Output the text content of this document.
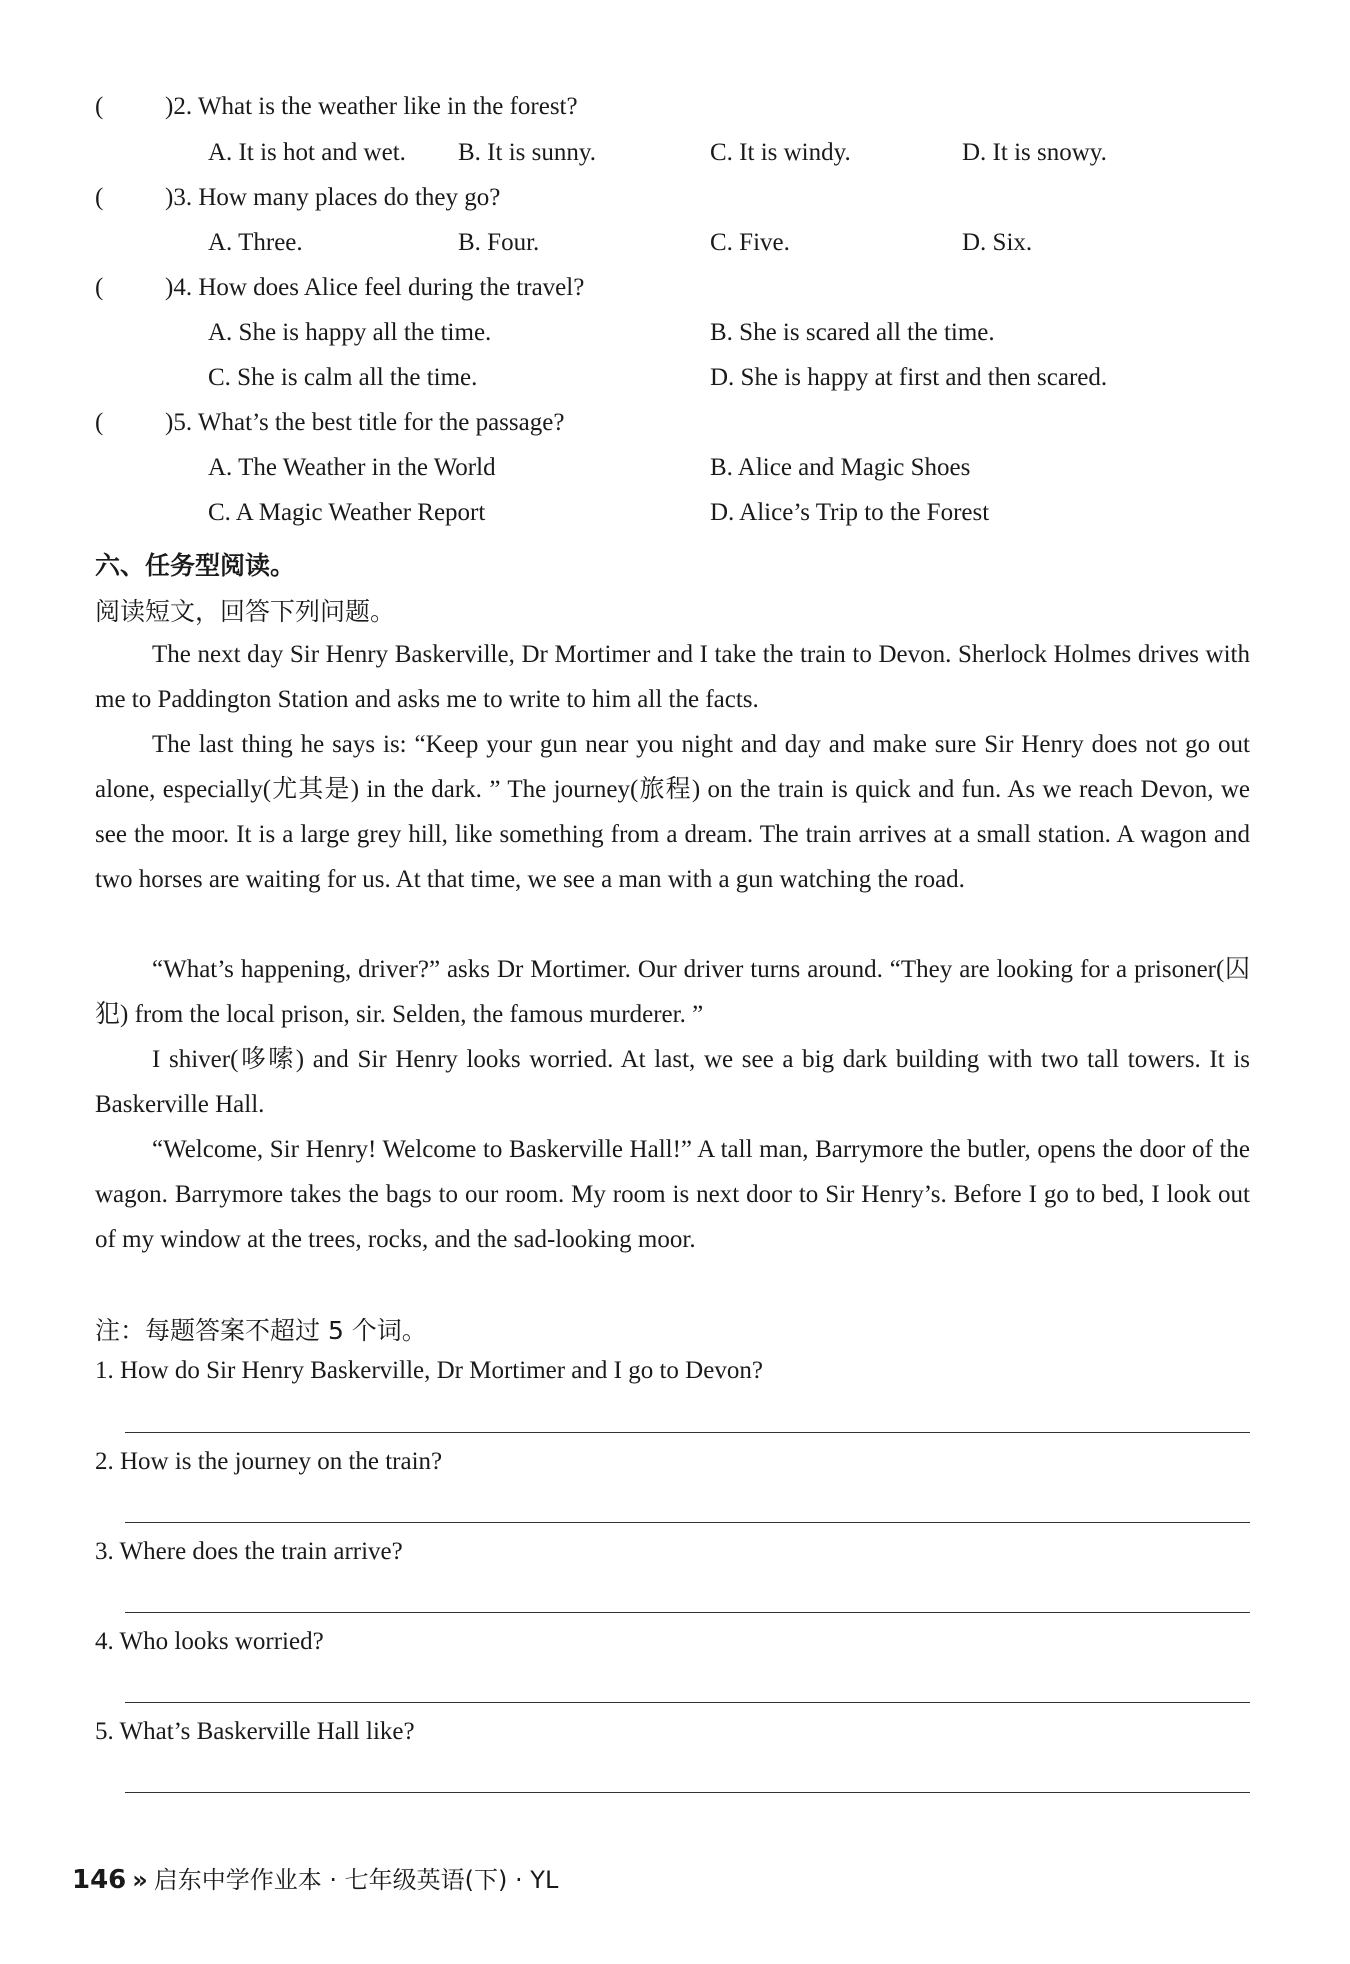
( )2. What is the weather like in the forest?
A. It is hot and wet. B. It is sunny.	C. It is windy.	D. It is snowy.
( )3. How many places do they go?
A. Three.	B. Four.	C. Five.	D. Six.
( )4. How does Alice feel during the travel?
A. She is happy all the time.	B. She is scared all the time.
C. She is calm all the time.	D. She is happy at first and then scared.
( )5. What’s the best title for the passage?
A. The Weather in the World	B. Alice and Magic Shoes
C. A Magic Weather Report	D. Alice’s Trip to the Forest
六、任务型阅读。
阅读短文，回答下列问题。
The next day Sir Henry Baskerville, Dr Mortimer and I take the train to Devon. Sherlock Holmes drives with me to Paddington Station and asks me to write to him all the facts.
The last thing he says is: “Keep your gun near you night and day and make sure Sir Henry does not go out alone, especially(尤其是) in the dark. ” The journey(旅程) on the train is quick and fun. As we reach Devon, we see the moor. It is a large grey hill, like something from a dream. The train arrives at a small station. A wagon and two horses are waiting for us. At that time, we see a man with a gun watching the road.
“What’s happening, driver?” asks Dr Mortimer. Our driver turns around. “They are looking for a prisoner(囚犯) from the local prison, sir. Selden, the famous murderer. ”
I shiver(哆嗦) and Sir Henry looks worried. At last, we see a big dark building with two tall towers. It is Baskerville Hall.
“Welcome, Sir Henry! Welcome to Baskerville Hall!” A tall man, Barrymore the butler, opens the door of the wagon. Barrymore takes the bags to our room. My room is next door to Sir Henry’s. Before I go to bed, I look out of my window at the trees, rocks, and the sad-looking moor.
注：每题答案不超过 5 个词。
1. How do Sir Henry Baskerville, Dr Mortimer and I go to Devon?
2. How is the journey on the train?
3. Where does the train arrive?
4. Who looks worried?
5. What’s Baskerville Hall like?
146 » 启东中学作业本 · 七年级英语(下) · YL
